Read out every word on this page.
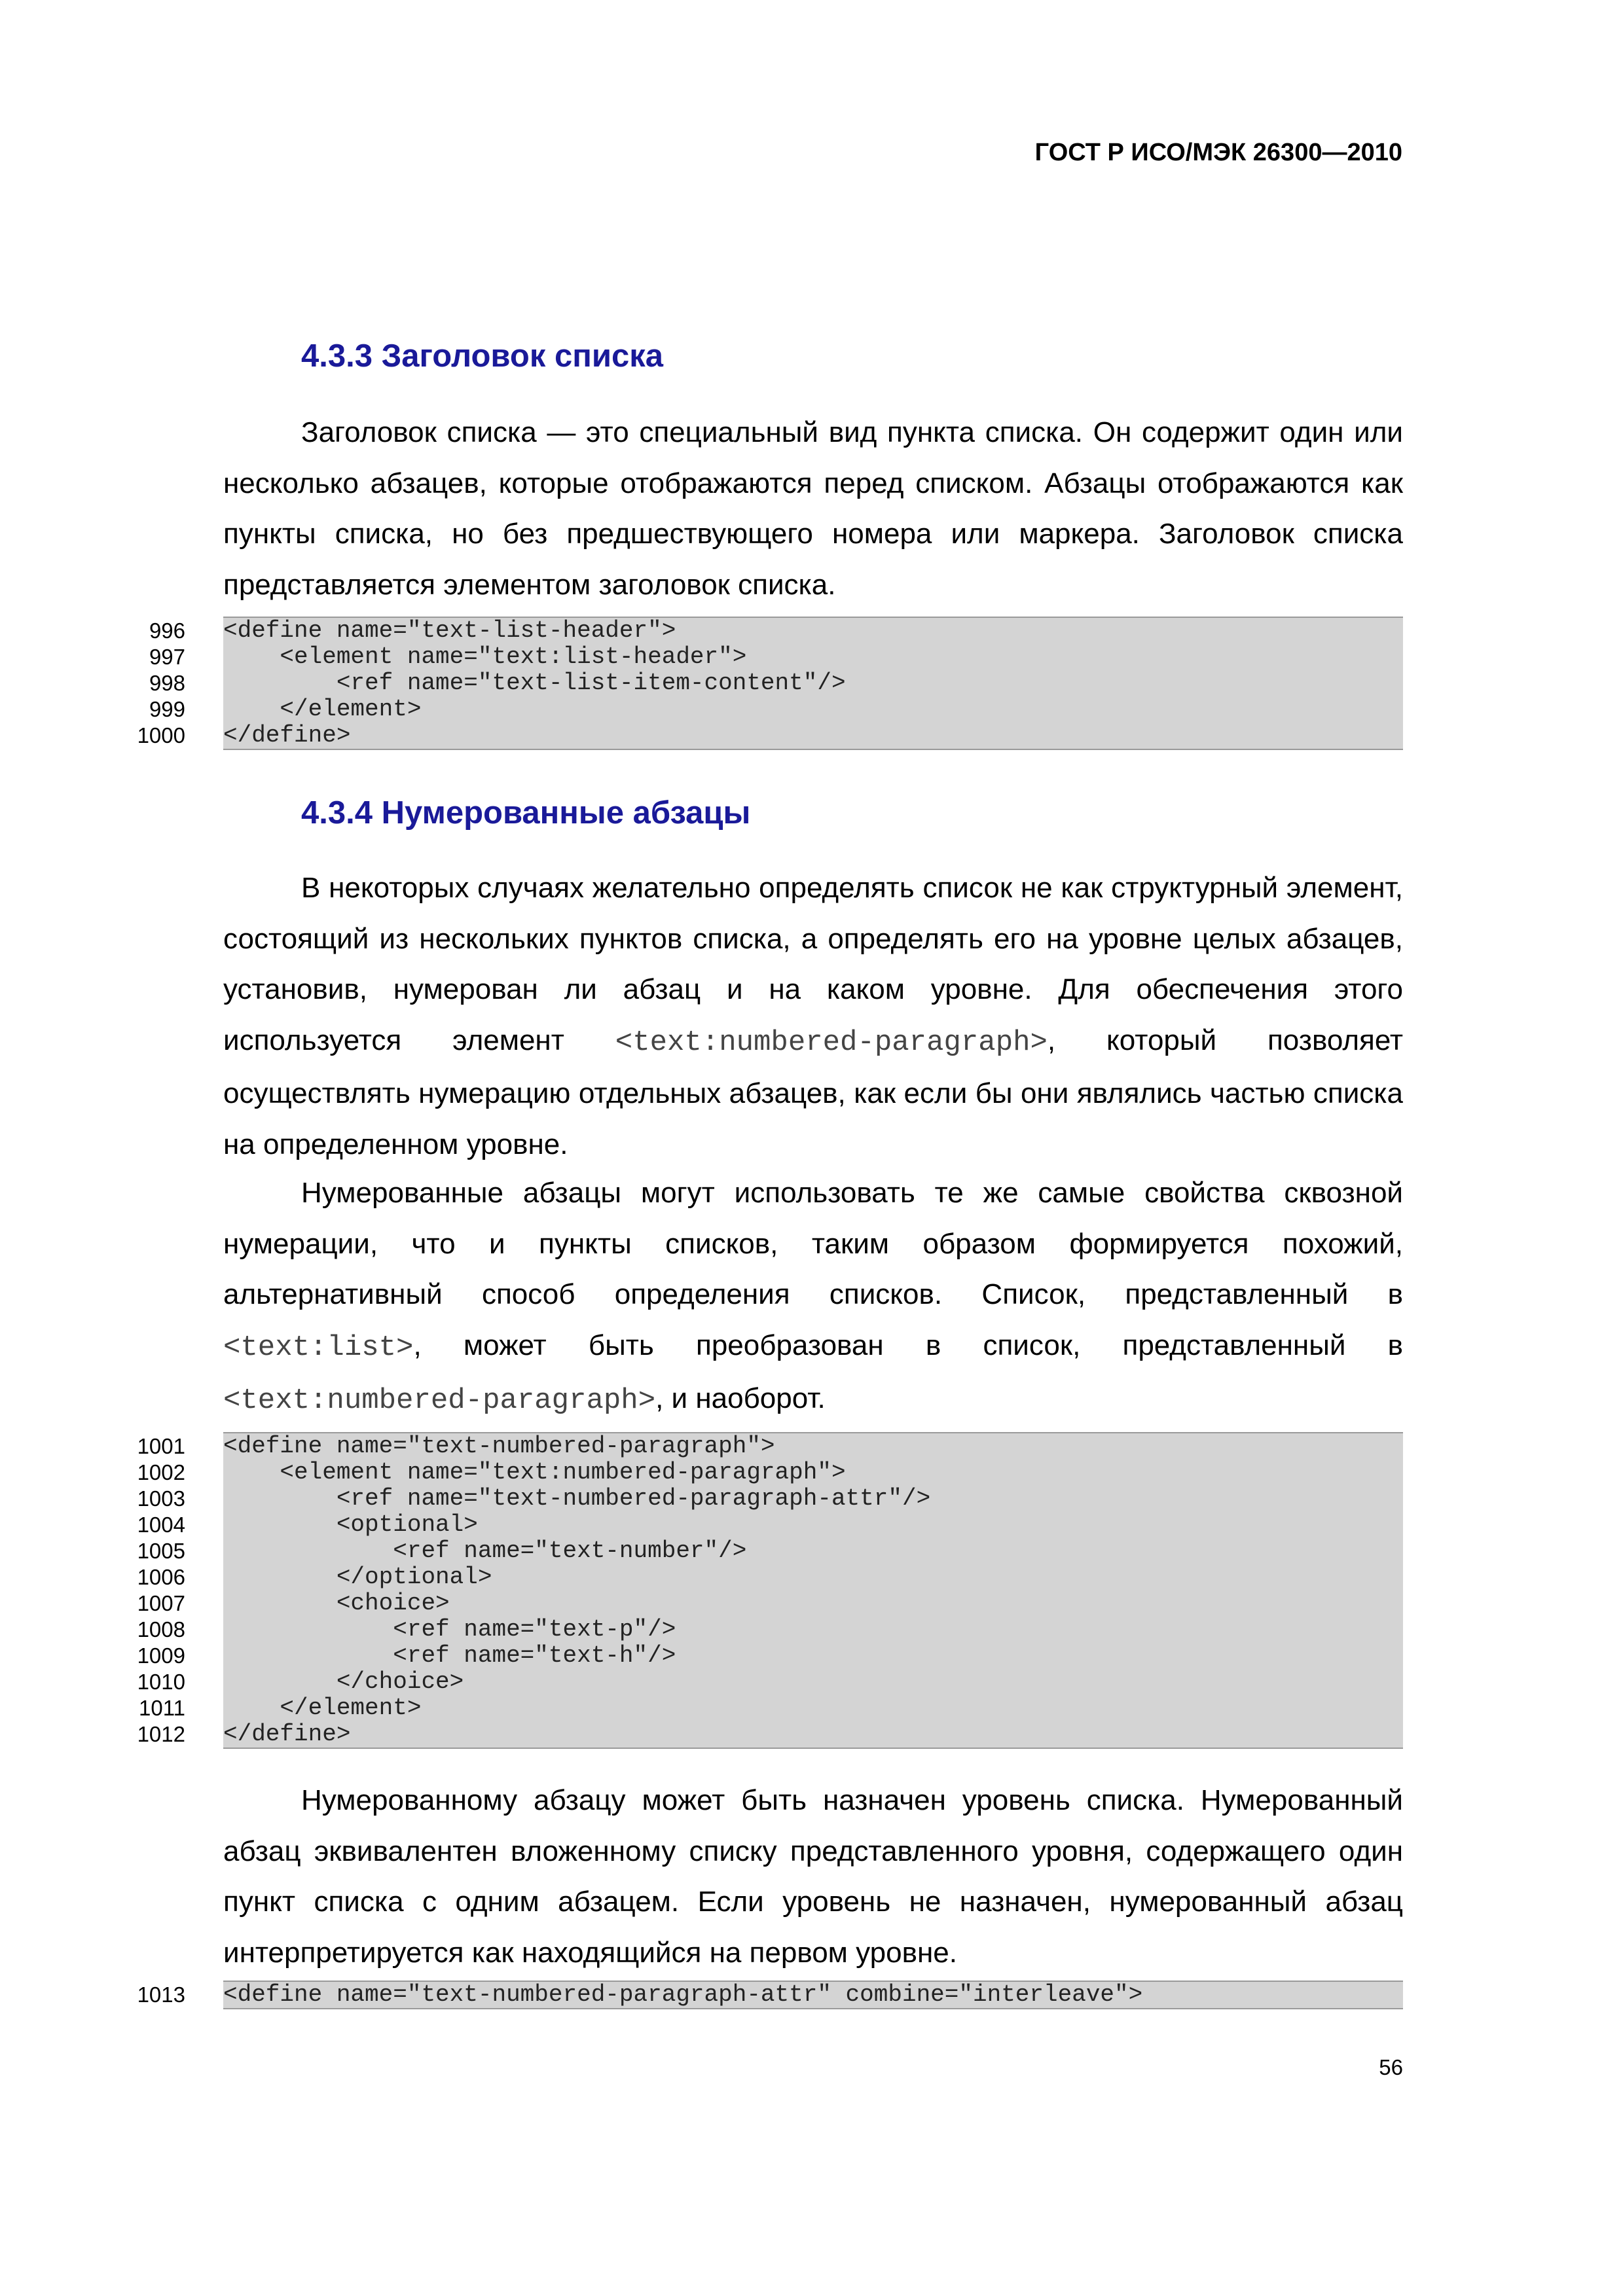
ГОСТ Р ИСО/МЭК 26300—2010
4.3.3 Заголовок списка

Заголовок списка — это специальный вид пункта списка. Он содержит один или несколько абзацев, которые отображаются перед списком. Абзацы отображаются как пункты списка, но без предшествующего номера или маркера. Заголовок списка представляется элементом заголовок списка.

996 <define name="text-list-header">
997 <element name="text:list-header">
998 <ref name="text-list-item-content"/>
999 </element>
1000 </define>
4.3.4 Нумерованные абзацы

В некоторых случаях желательно определять список не как структурный элемент, состоящий из нескольких пунктов списка, а определять его на уровне целых абзацев, установив, нумерован ли абзац и на каком уровне. Для обеспечения этого используется элемент <text:numbered-paragraph>, который позволяет осуществлять нумерацию отдельных абзацев, как если бы они являлись частью списка на определенном уровне.

Нумерованные абзацы могут использовать те же самые свойства сквозной нумерации, что и пункты списков, таким образом формируется похожий, альтернативный способ определения списков. Список, представленный в <text:list>, может быть преобразован в список, представленный в <text:numbered-paragraph>, и наоборот.

1001 <define name="text-numbered-paragraph">
1002 <element name="text:numbered-paragraph">
1003 <ref name="text-numbered-paragraph-attr"/>
1004 <optional>
1005 <ref name="text-number"/>
1006 </optional>
1007 <choice>
1008 <ref name="text-p"/>
1009 <ref name="text-h"/>
1010 </choice>
1011 </element>
1012 </define>

Нумерованному абзацу может быть назначен уровень списка. Нумерованный абзац эквивалентен вложенному списку представленного уровня, содержащего один пункт списка с одним абзацем. Если уровень не назначен, нумерованный абзац интерпретируется как находящийся на первом уровне.

1013 <define name="text-numbered-paragraph-attr" combine="interleave">
56
